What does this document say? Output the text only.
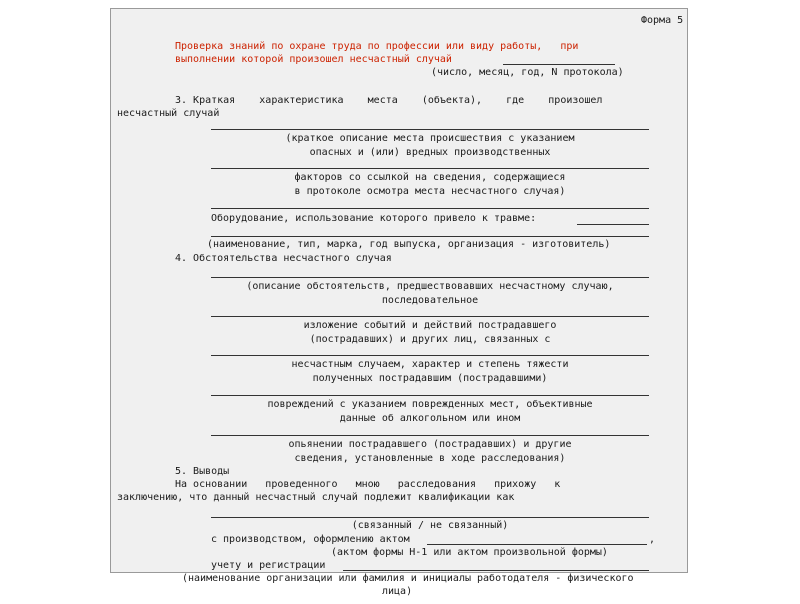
Форма 5
Проверка знаний по охране труда по профессии или виду работы,   при
выполнении которой произошел несчастный случай
(число, месяц, год, N протокола)
3. Краткая    характеристика    места    (объекта),    где    произошел
несчастный случай
(краткое описание места происшествия с указанием
опасных и (или) вредных производственных
факторов со ссылкой на сведения, содержащиеся
в протоколе осмотра места несчастного случая)
Оборудование, использование которого привело к травме:
(наименование, тип, марка, год выпуска, организация - изготовитель)
4. Обстоятельства несчастного случая
(описание обстоятельств, предшествовавших несчастному случаю,
последовательное
изложение событий и действий пострадавшего
(пострадавших) и других лиц, связанных с
несчастным случаем, характер и степень тяжести
полученных пострадавшим (пострадавшими)
повреждений с указанием поврежденных мест, объективные
данные об алкогольном или ином
опьянении пострадавшего (пострадавших) и другие
сведения, установленные в ходе расследования)
5. Выводы
На основании   проведенного   мною   расследования   прихожу   к
заключению, что данный несчастный случай подлежит квалификации как
(связанный / не связанный)
с производством, оформлению актом	,
(актом формы Н-1 или актом произвольной формы)
учету и регистрации
(наименование организации или фамилия и инициалы работодателя - физического
лица)
